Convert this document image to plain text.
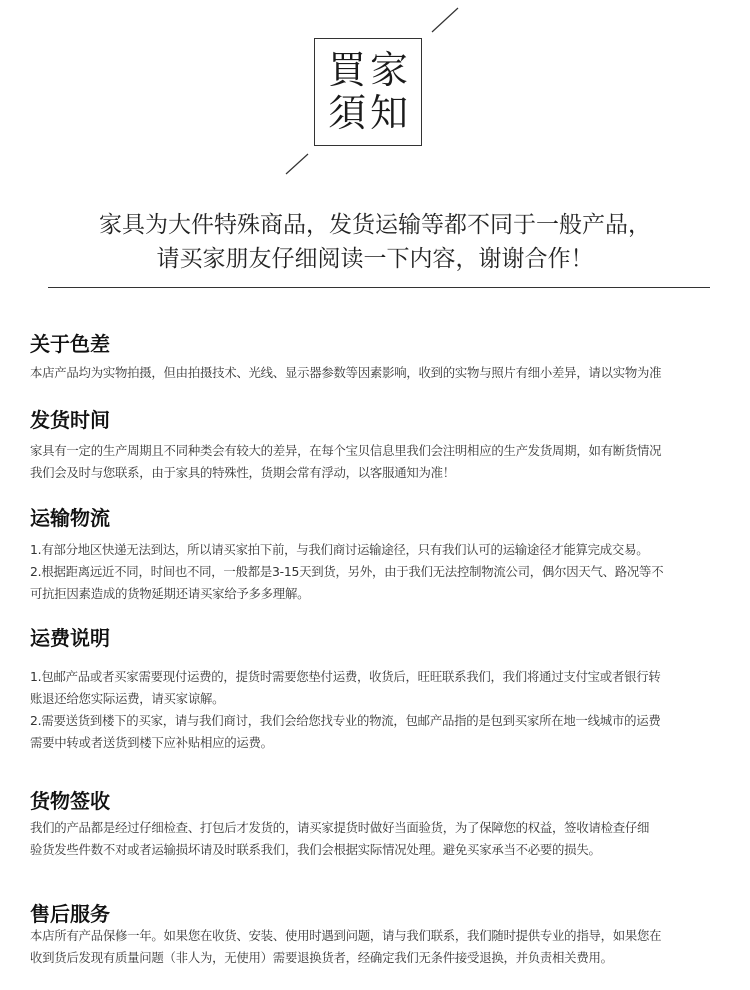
買 家
須 知
家具为大件特殊商品，发货运输等都不同于一般产品，
请买家朋友仔细阅读一下内容，谢谢合作！
关于色差
本店产品均为实物拍摄，但由拍摄技术、光线、显示器参数等因素影响，收到的实物与照片有细小差异，请以实物为准
发货时间
家具有一定的生产周期且不同种类会有较大的差异，在每个宝贝信息里我们会注明相应的生产发货周期，如有断货情况
我们会及时与您联系，由于家具的特殊性，货期会常有浮动，以客服通知为准！
运输物流
1.有部分地区快递无法到达，所以请买家拍下前，与我们商讨运输途径，只有我们认可的运输途径才能算完成交易。
2.根据距离远近不同，时间也不同，一般都是3-15天到货，另外，由于我们无法控制物流公司，偶尔因天气、路况等不
可抗拒因素造成的货物延期还请买家给予多多理解。
运费说明
1.包邮产品或者买家需要现付运费的，提货时需要您垫付运费，收货后，旺旺联系我们，我们将通过支付宝或者银行转
账退还给您实际运费，请买家谅解。
2.需要送货到楼下的买家，请与我们商讨，我们会给您找专业的物流，包邮产品指的是包到买家所在地一线城市的运费
需要中转或者送货到楼下应补贴相应的运费。
货物签收
我们的产品都是经过仔细检查、打包后才发货的，请买家提货时做好当面验货，为了保障您的权益，签收请检查仔细
验货发些件数不对或者运输损坏请及时联系我们，我们会根据实际情况处理。避免买家承当不必要的损失。
售后服务
本店所有产品保修一年。如果您在收货、安装、使用时遇到问题，请与我们联系，我们随时提供专业的指导，如果您在
收到货后发现有质量问题（非人为，无使用）需要退换货者，经确定我们无条件接受退换，并负责相关费用。
